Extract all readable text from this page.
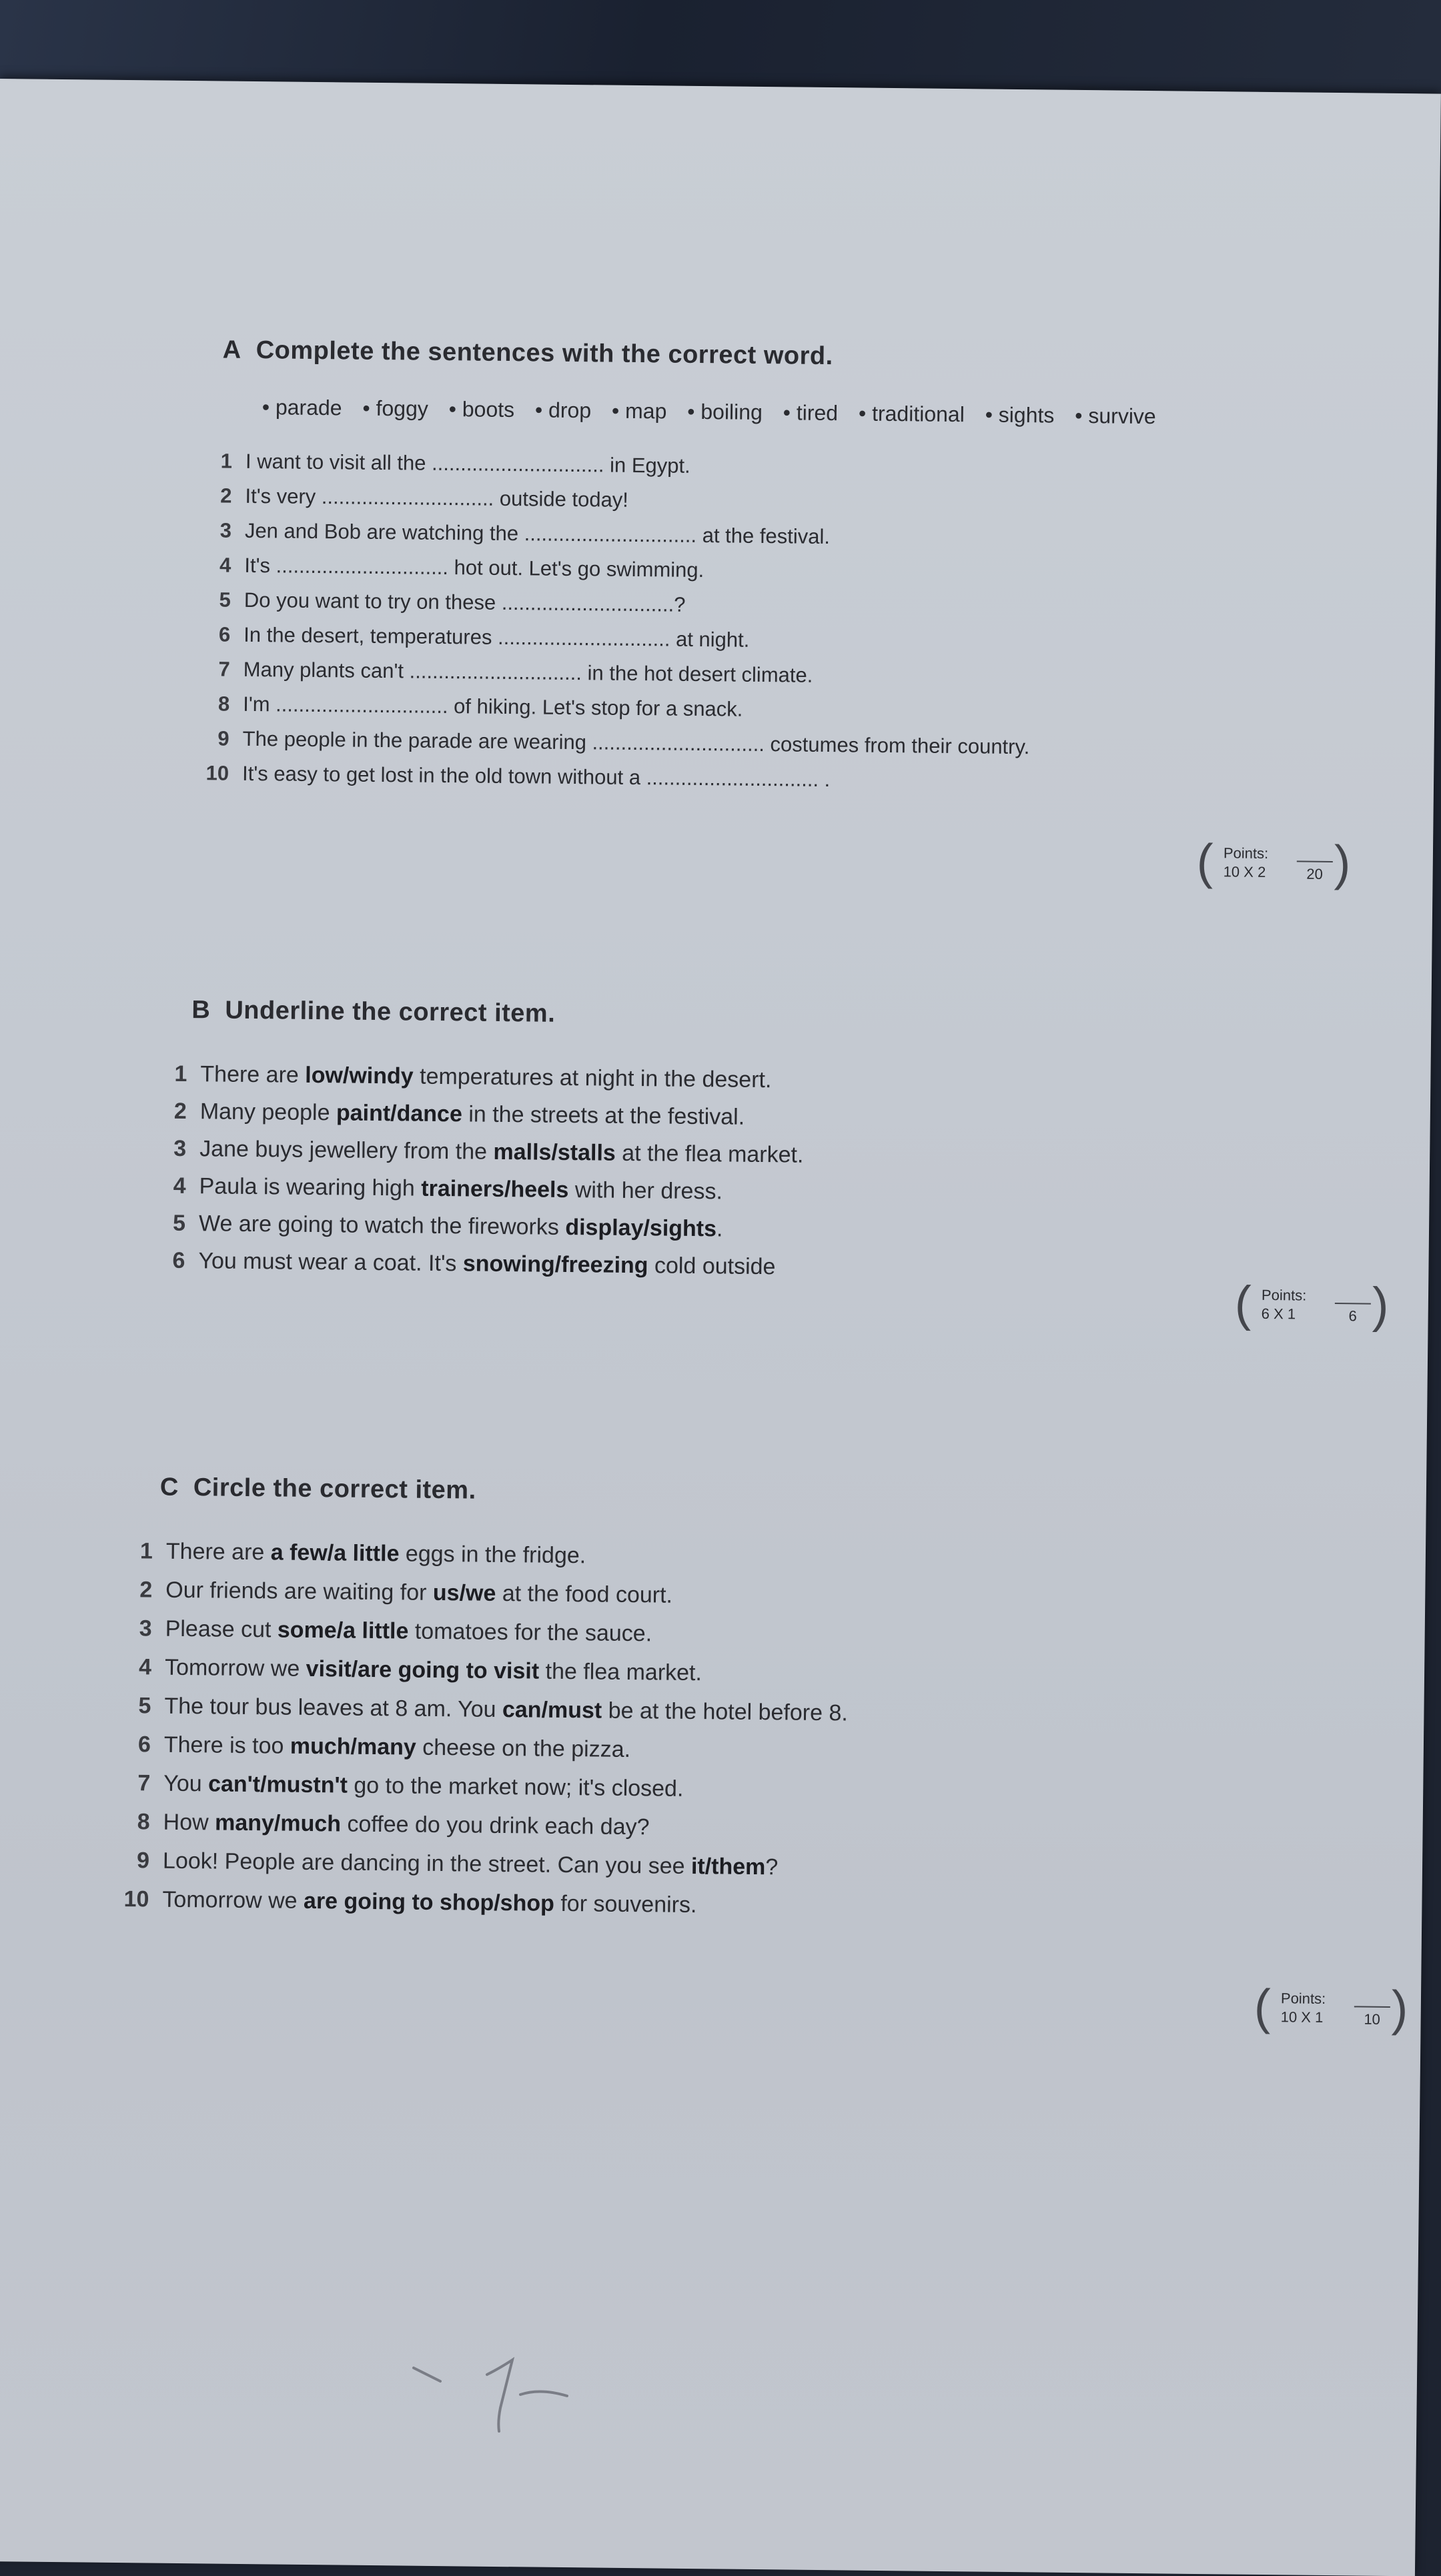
A Complete the sentences with the correct word.
• parade • foggy • boots • drop • map • boiling • tired • traditional • sights • survive
1 I want to visit all the .............................. in Egypt.
2 It's very .............................. outside today!
3 Jen and Bob are watching the .............................. at the festival.
4 It's .............................. hot out. Let's go swimming.
5 Do you want to try on these ..............................?
6 In the desert, temperatures .............................. at night.
7 Many plants can't .............................. in the hot desert climate.
8 I'm .............................. of hiking. Let's stop for a snack.
9 The people in the parade are wearing .............................. costumes from their country.
10 It's easy to get lost in the old town without a .............................. .
( Points:
10 X 2	20 )
B Underline the correct item.
1 There are low/windy temperatures at night in the desert.
2 Many people paint/dance in the streets at the festival.
3 Jane buys jewellery from the malls/stalls at the flea market.
4 Paula is wearing high trainers/heels with her dress.
5 We are going to watch the fireworks display/sights.
6 You must wear a coat. It's snowing/freezing cold outside
( Points:
6 X 1	6 )
C Circle the correct item.
1 There are a few/a little eggs in the fridge.
2 Our friends are waiting for us/we at the food court.
3 Please cut some/a little tomatoes for the sauce.
4 Tomorrow we visit/are going to visit the flea market.
5 The tour bus leaves at 8 am. You can/must be at the hotel before 8.
6 There is too much/many cheese on the pizza.
7 You can't/mustn't go to the market now; it's closed.
8 How many/much coffee do you drink each day?
9 Look! People are dancing in the street. Can you see it/them?
10 Tomorrow we are going to shop/shop for souvenirs.
( Points:
10 X 1	10 )
